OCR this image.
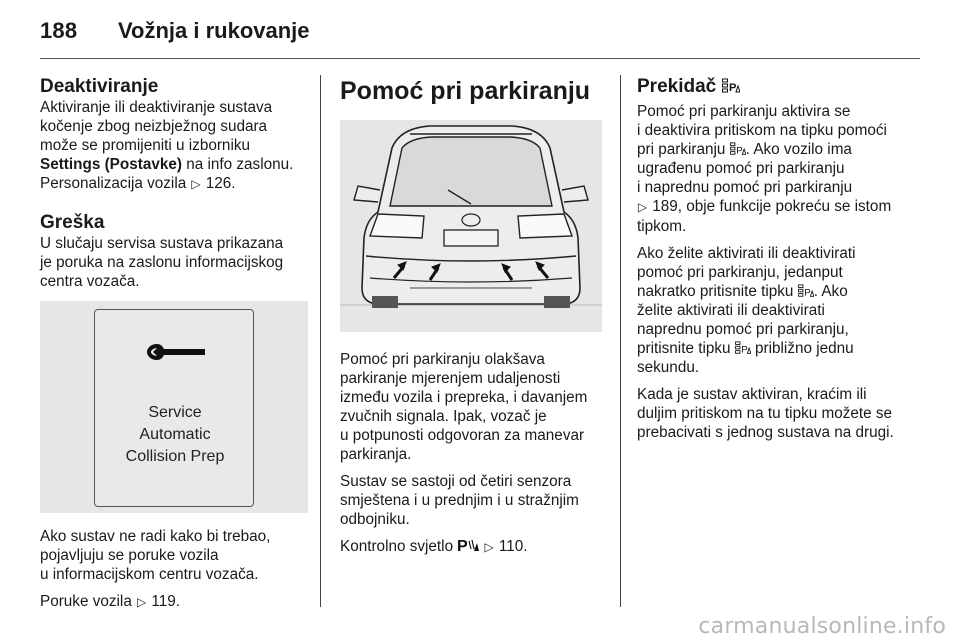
188 Vožnja i rukovanje
Deaktiviranje

Aktiviranje ili deaktiviranje sustava
kočenje zbog neizbježnog sudara
može se promijeniti u izborniku
Settings (Postavke) na info zaslonu.
Personalizacija vozila ▷ 126.

Greška

U slučaju servisa sustava prikazana
je poruka na zaslonu informacijskog
centra vozača.

Service
Automatic
Collision Prep

Ako sustav ne radi kako bi trebao,
pojavljuju se poruke vozila
u informacijskom centru vozača.

Poruke vozila ▷ 119.

Pomoć pri parkiranju

Pomoć pri parkiranju olakšava
parkiranje mjerenjem udaljenosti
između vozila i prepreka, i davanjem
zvučnih signala. Ipak, vozač je
u potpunosti odgovoran za manevar
parkiranja.

Sustav se sastoji od četiri senzora
smještena i u prednjim i u stražnjim
odbojniku.

Kontrolno svjetlo P ▷ 110.

Prekidač P

Pomoć pri parkiranju aktivira se
i deaktivira pritiskom na tipku pomoći
pri parkiranju P . Ako vozilo ima
ugrađenu pomoć pri parkiranju
i naprednu pomoć pri parkiranju
▷ 189, obje funkcije pokreću se istom
tipkom.

Ako želite aktivirati ili deaktivirati
pomoć pri parkiranju, jedanput
nakratko pritisnite tipku P . Ako
želite aktivirati ili deaktivirati
naprednu pomoć pri parkiranju,
pritisnite tipku P približno jednu
sekundu.

Kada je sustav aktiviran, kraćim ili
duljim pritiskom na tu tipku možete se
prebacivati s jednog sustava na drugi.

carmanualsonline.info
